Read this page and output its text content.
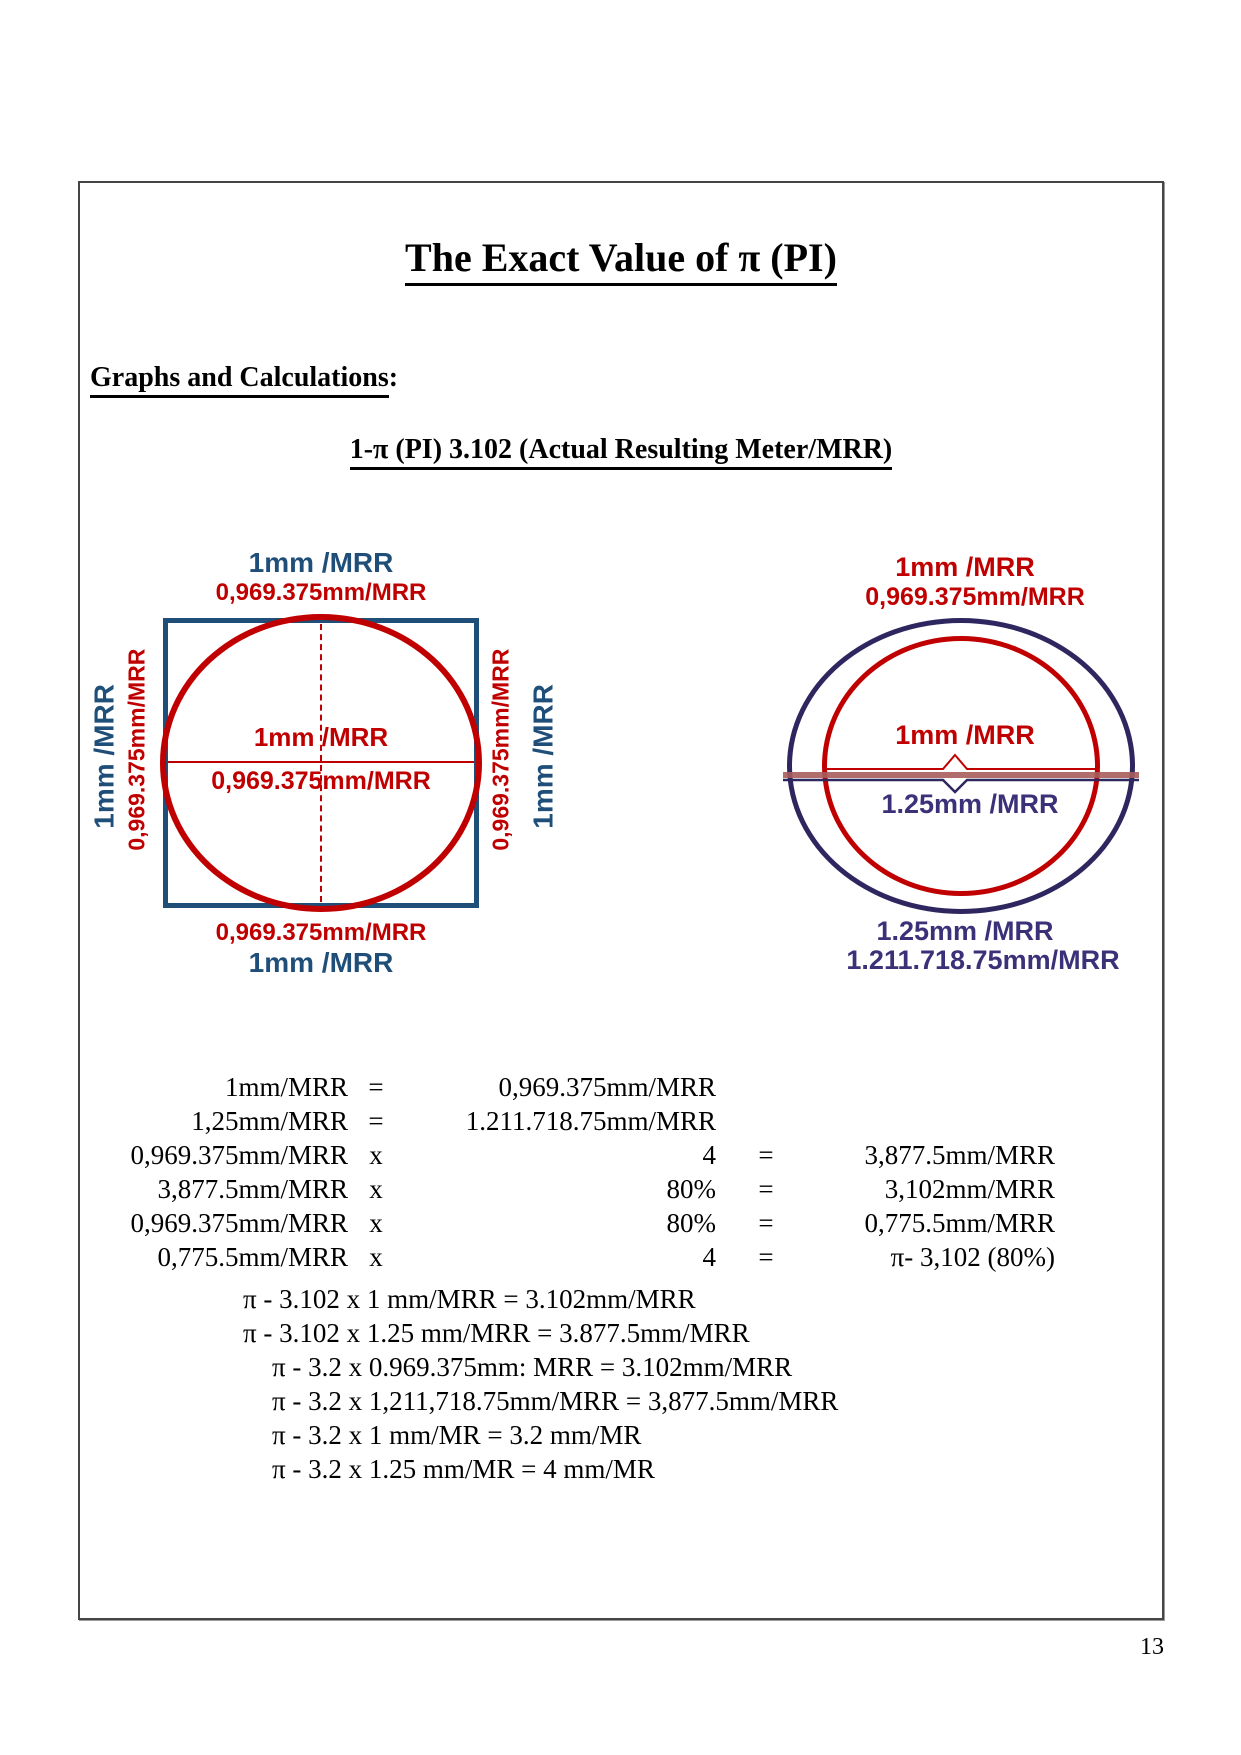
The Exact Value of π (PI)
Graphs and Calculations:
1-π (PI) 3.102 (Actual Resulting Meter/MRR)
1mm /MRR
0,969.375mm/MRR
1mm /MRR 0,969.375mm/MRR	0,969.375mm/MRR 1mm /MRR
1mm /MRR
0,969.375mm/MRR
0,969.375mm/MRR
1mm /MRR
1mm /MRR
0,969.375mm/MRR
1mm /MRR
1.25mm /MRR
1.25mm /MRR
1.211.718.75mm/MRR
1mm/MRR =	0,969.375mm/MRR
1,25mm/MRR =	1.211.718.75mm/MRR
0,969.375mm/MRR x	4	=	3,877.5mm/MRR
3,877.5mm/MRR x	80%	=	3,102mm/MRR
0,969.375mm/MRR x	80%	=	0,775.5mm/MRR
0,775.5mm/MRR x	4	=	π- 3,102 (80%)
π - 3.102 x 1 mm/MRR = 3.102mm/MRR
π - 3.102 x 1.25 mm/MRR = 3.877.5mm/MRR
π - 3.2 x 0.969.375mm: MRR = 3.102mm/MRR
π - 3.2 x 1,211,718.75mm/MRR = 3,877.5mm/MRR
π - 3.2 x 1 mm/MR = 3.2 mm/MR
π - 3.2 x 1.25 mm/MR = 4 mm/MR
13
